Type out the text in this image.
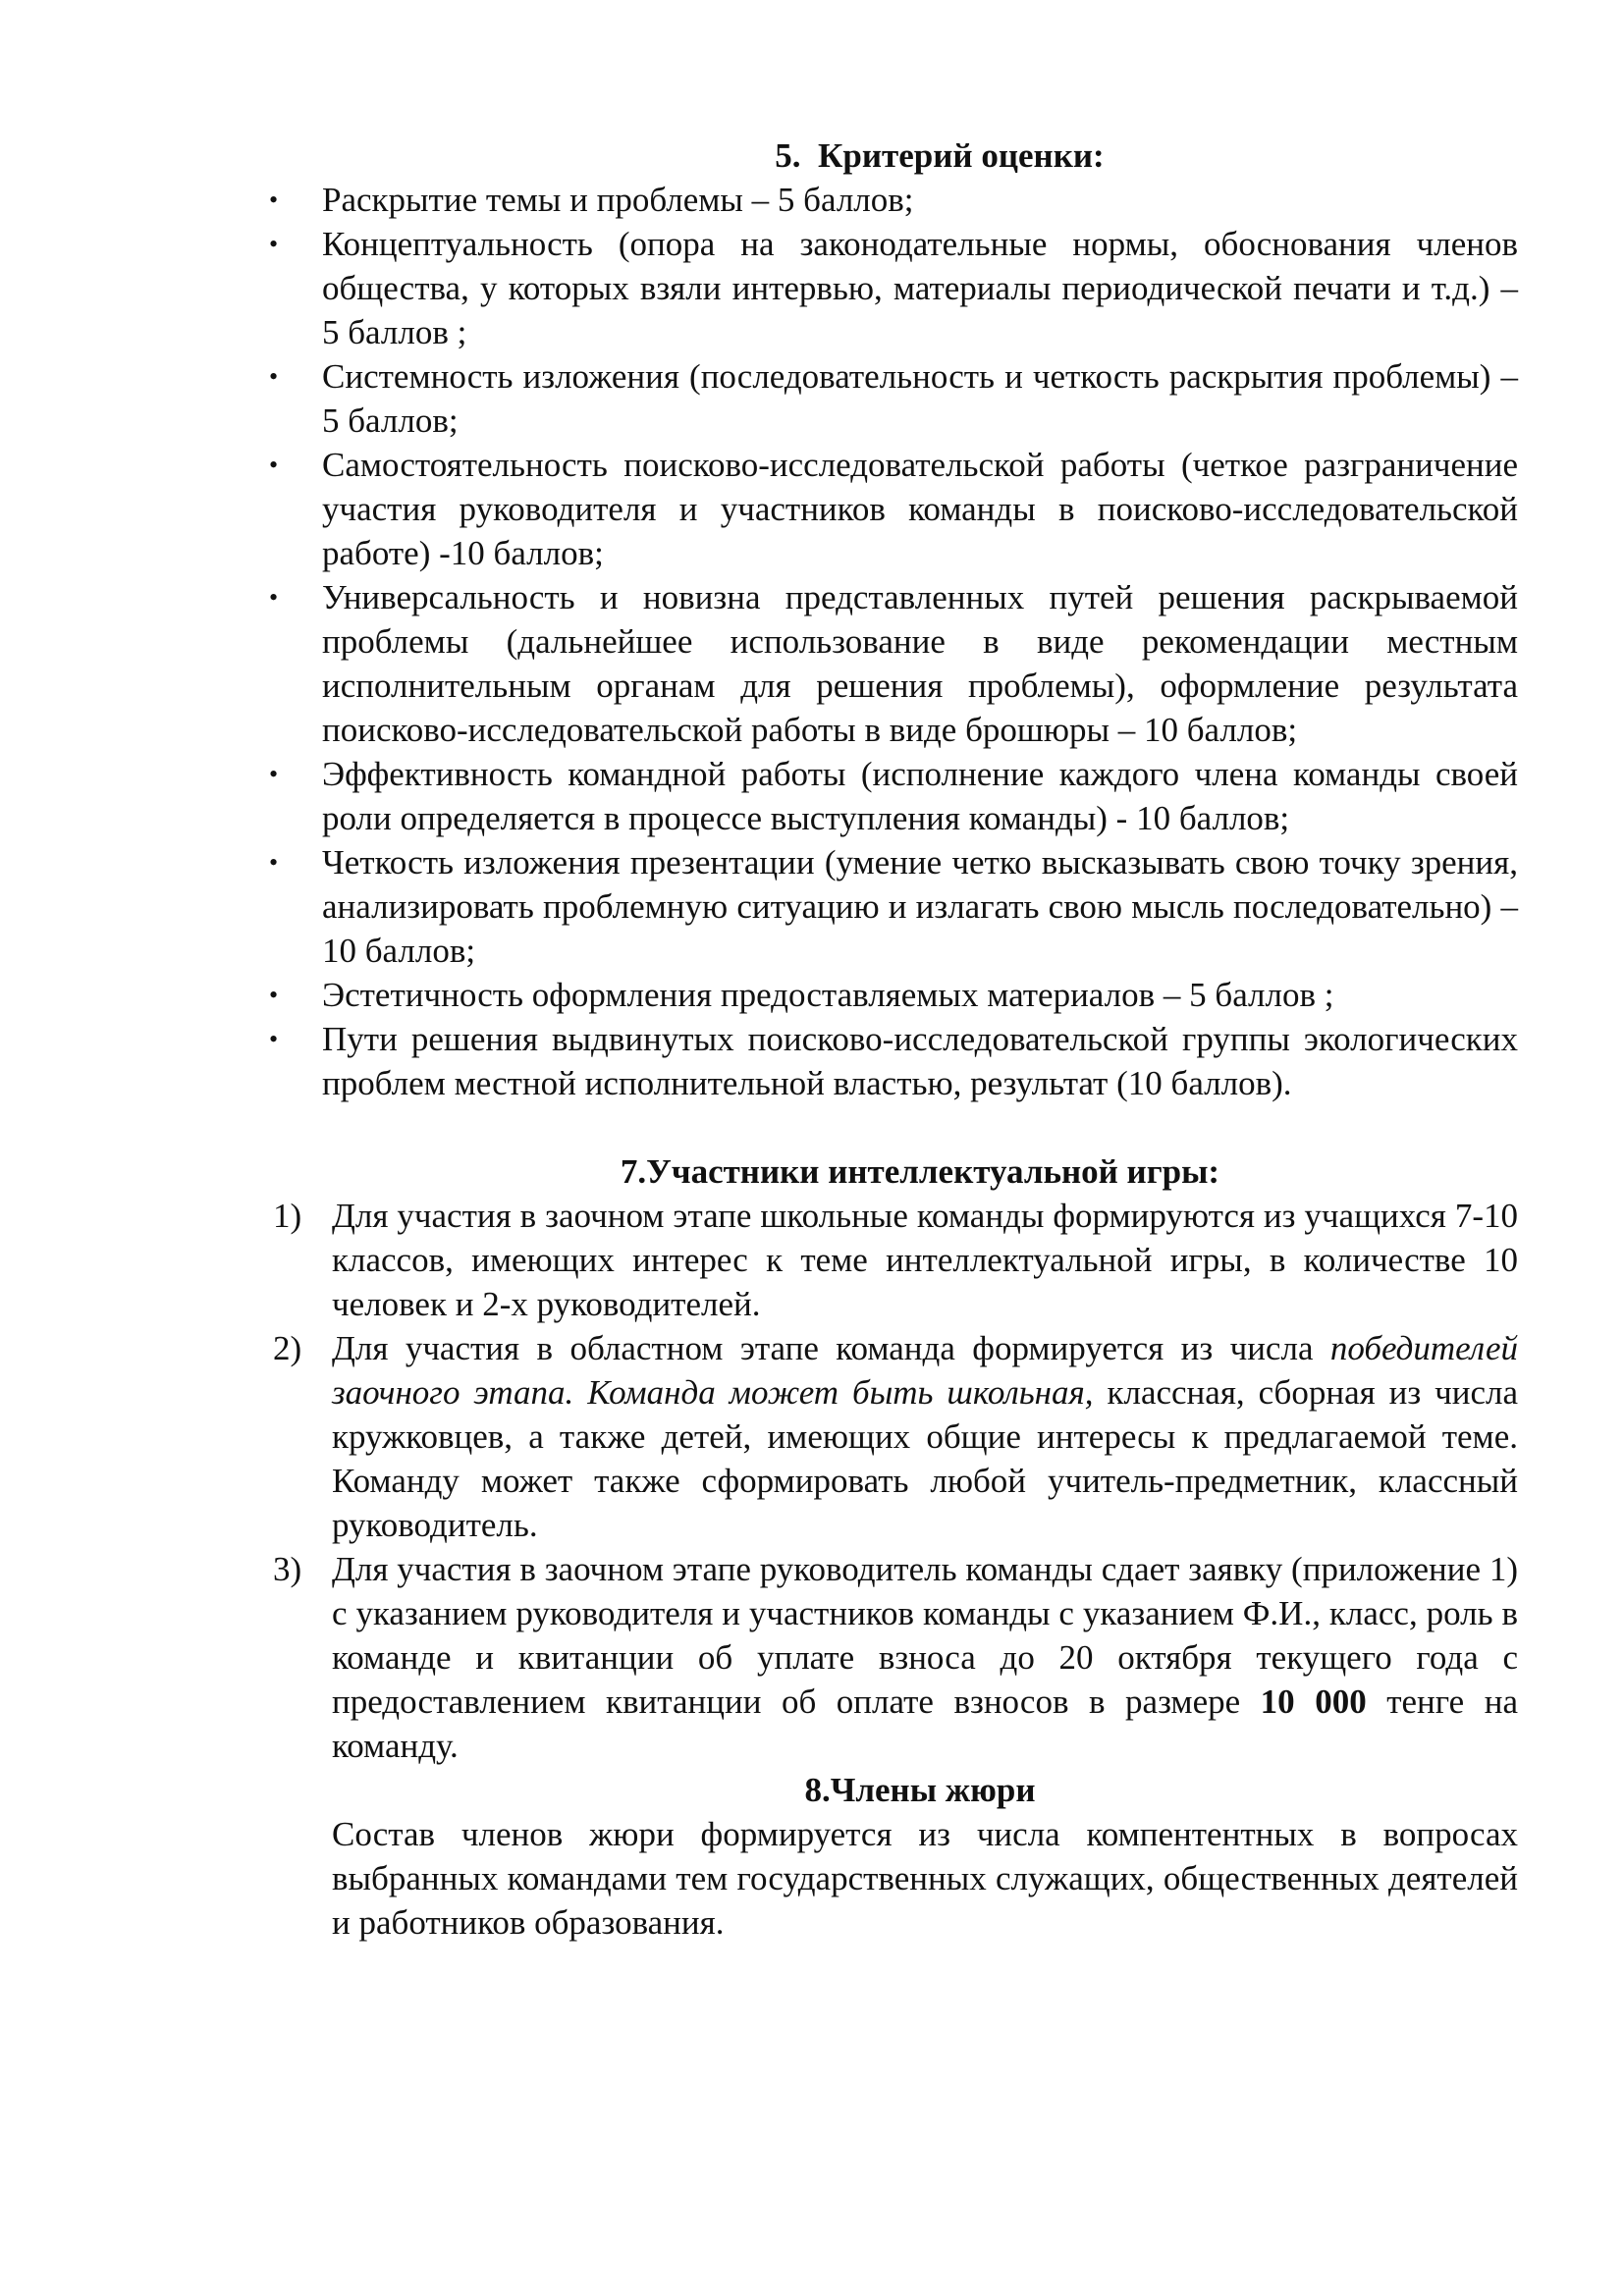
5. Критерий оценки:

•	Раскрытие темы и проблемы – 5 баллов;
•	Концептуальность (опора на законодательные нормы, обоснования членов общества, у которых взяли интервью, материалы периодической печати и т.д.) – 5 баллов ;
•	Системность изложения (последовательность и четкость раскрытия проблемы) – 5 баллов;
•	Самостоятельность поисково-исследовательской работы (четкое разграничение участия руководителя и участников команды в поисково-исследовательской работе) -10 баллов;
•	Универсальность и новизна представленных путей решения раскрываемой проблемы (дальнейшее использование в виде рекомендации местным исполнительным органам для решения проблемы), оформление результата поисково-исследовательской работы в виде брошюры – 10 баллов;
•	Эффективность командной работы (исполнение каждого члена команды своей роли определяется в процессе выступления команды) - 10 баллов;
•	Четкость изложения презентации (умение четко высказывать свою точку зрения, анализировать проблемную ситуацию и излагать свою мысль последовательно) – 10 баллов;
•	Эстетичность оформления предоставляемых материалов – 5 баллов ;
•	Пути решения выдвинутых поисково-исследовательской группы экологических проблем местной исполнительной властью, результат (10 баллов).

7.Участники интеллектуальной игры:

1) Для участия в заочном этапе школьные команды формируются из учащихся 7-10 классов, имеющих интерес к теме интеллектуальной игры, в количестве 10 человек и 2-х руководителей.
2) Для участия в областном этапе команда формируется из числа победителей заочного этапа. Команда может быть школьная, классная, сборная из числа кружковцев, а также детей, имеющих общие интересы к предлагаемой теме. Команду может также сформировать любой учитель-предметник, классный руководитель.
3) Для участия в заочном этапе руководитель команды сдает заявку (приложение 1) с указанием руководителя и участников команды с указанием Ф.И., класс, роль в команде и квитанции об уплате взноса до 20 октября текущего года с предоставлением квитанции об оплате взносов в размере 10 000 тенге на команду.

8.Члены жюри

Состав членов жюри формируется из числа компентентных в вопросах выбранных командами тем государственных служащих, общественных деятелей и работников образования.
